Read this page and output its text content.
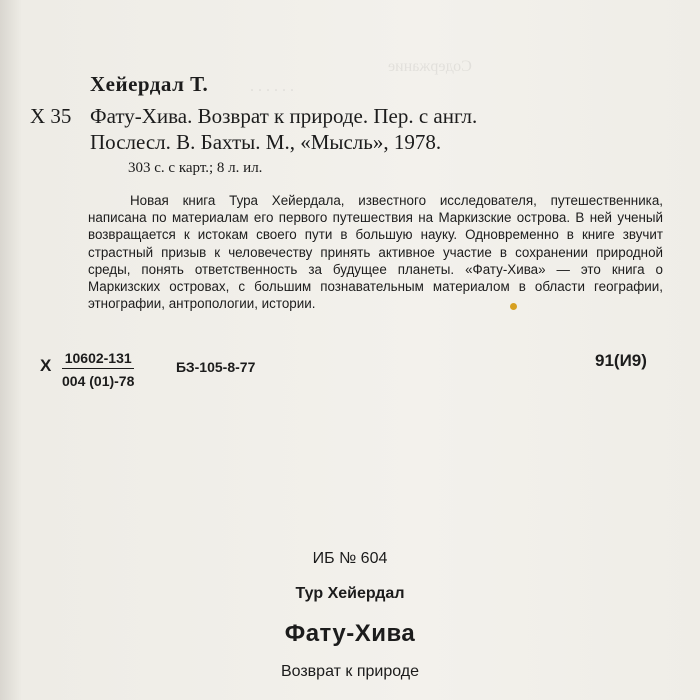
Содержание
. . . . . .
Хейердал Т.
Х 35 Фату-Хива. Возврат к природе. Пер. с англ.
Послесл. В. Бахты. М., «Мысль», 1978.
303 с. с карт.; 8 л. ил.
Новая книга Тура Хейердала, известного исследователя, путешественника, написана по материалам его первого путешествия на Маркизские острова. В ней ученый возвращается к истокам своего пути в большую науку. Одновременно в книге звучит страстный призыв к человечеству принять активное участие в сохранении природной среды, понять ответственность за будущее планеты. «Фату-Хива» — это книга о Маркизских островах, с большим познавательным материалом в области географии, этнографии, антропологии, истории.
Х $\frac{10602-131}{004 (01)-78}$	БЗ-105-8-77	91(И9)
ИБ № 604
Тур Хейердал
Фату-Хива
Возврат к природе
